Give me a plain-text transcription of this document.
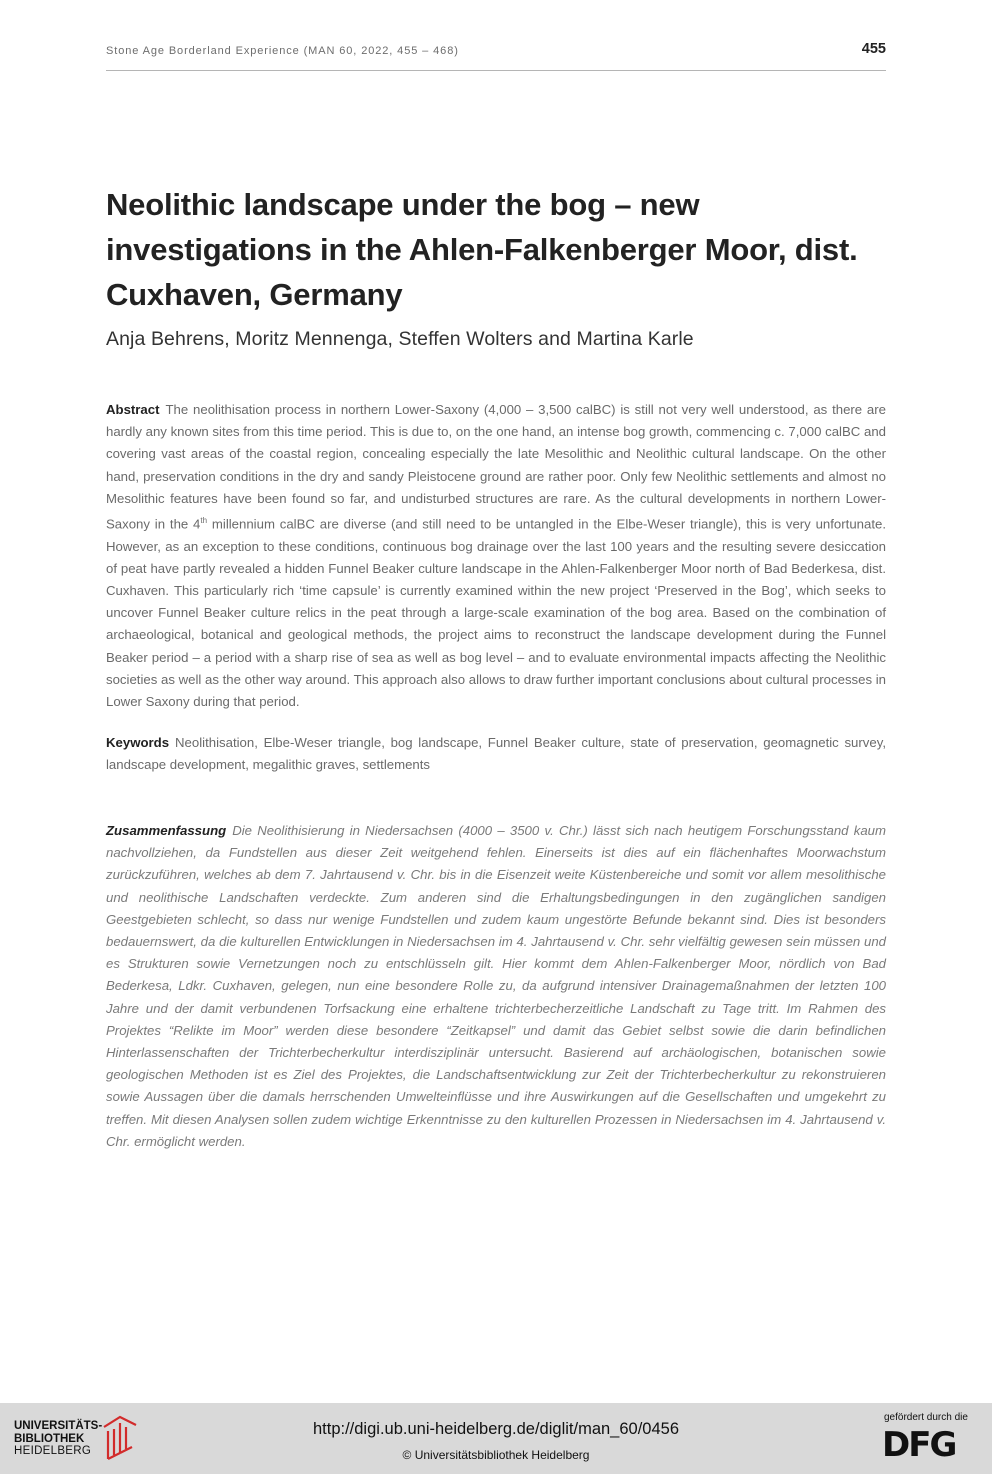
Stone Age Borderland Experience (MAN 60, 2022, 455 – 468)	455
Neolithic landscape under the bog – new investigations in the Ahlen-Falkenberger Moor, dist. Cuxhaven, Germany

Anja Behrens, Moritz Mennenga, Steffen Wolters and Martina Karle

Abstract The neolithisation process in northern Lower-Saxony (4,000 – 3,500 calBC) is still not very well understood, as there are hardly any known sites from this time period. This is due to, on the one hand, an intense bog growth, commencing c. 7,000 calBC and covering vast areas of the coastal region, concealing especially the late Mesolithic and Neolithic cultural landscape. On the other hand, preservation conditions in the dry and sandy Pleistocene ground are rather poor. Only few Neolithic settlements and almost no Mesolithic features have been found so far, and undisturbed structures are rare. As the cultural developments in northern Lower-Saxony in the 4th millennium calBC are diverse (and still need to be untangled in the Elbe-Weser triangle), this is very unfortunate. However, as an exception to these conditions, continuous bog drainage over the last 100 years and the resulting severe desiccation of peat have partly revealed a hidden Funnel Beaker culture landscape in the Ahlen-Falkenberger Moor north of Bad Bederkesa, dist. Cuxhaven. This particularly rich ‘time capsule’ is currently examined within the new project ‘Preserved in the Bog’, which seeks to uncover Funnel Beaker culture relics in the peat through a large-scale examination of the bog area. Based on the combination of archaeological, botanical and geological methods, the project aims to reconstruct the landscape development during the Funnel Beaker period – a period with a sharp rise of sea as well as bog level – and to evaluate environmental impacts affecting the Neolithic societies as well as the other way around. This approach also allows to draw further important conclusions about cultural processes in Lower Saxony during that period.

Keywords Neolithisation, Elbe-Weser triangle, bog landscape, Funnel Beaker culture, state of preservation, geomagnetic survey, landscape development, megalithic graves, settlements

Zusammenfassung Die Neolithisierung in Niedersachsen (4000 – 3500 v. Chr.) lässt sich nach heutigem Forschungsstand kaum nachvollziehen, da Fundstellen aus dieser Zeit weitgehend fehlen. Einerseits ist dies auf ein flächenhaftes Moorwachstum zurückzuführen, welches ab dem 7. Jahrtausend v. Chr. bis in die Eisenzeit weite Küstenbereiche und somit vor allem mesolithische und neolithische Landschaften verdeckte. Zum anderen sind die Erhaltungsbedingungen in den zugänglichen sandigen Geestgebieten schlecht, so dass nur wenige Fundstellen und zudem kaum ungestörte Befunde bekannt sind. Dies ist besonders bedauernswert, da die kulturellen Entwicklungen in Niedersachsen im 4. Jahrtausend v. Chr. sehr vielfältig gewesen sein müssen und es Strukturen sowie Vernetzungen noch zu entschlüsseln gilt. Hier kommt dem Ahlen-Falkenberger Moor, nördlich von Bad Bederkesa, Ldkr. Cuxhaven, gelegen, nun eine besondere Rolle zu, da aufgrund intensiver Drainagemaßnahmen der letzten 100 Jahre und der damit verbundenen Torfsackung eine erhaltene trichterbecherzeitliche Landschaft zu Tage tritt. Im Rahmen des Projektes “Relikte im Moor” werden diese besondere “Zeitkapsel” und damit das Gebiet selbst sowie die darin befindlichen Hinterlassenschaften der Trichterbecherkultur interdisziplinär untersucht. Basierend auf archäologischen, botanischen sowie geologischen Methoden ist es Ziel des Projektes, die Landschaftsentwicklung zur Zeit der Trichterbecherkultur zu rekonstruieren sowie Aussagen über die damals herrschenden Umwelteinflüsse und ihre Auswirkungen auf die Gesellschaften und umgekehrt zu treffen. Mit diesen Analysen sollen zudem wichtige Erkenntnisse zu den kulturellen Prozessen in Niedersachsen im 4. Jahrtausend v. Chr. ermöglicht werden.

UNIVERSITÄTS-
BIBLIOTHEK
HEIDELBERG
http://digi.ub.uni-heidelberg.de/diglit/man_60/0456
© Universitätsbibliothek Heidelberg
gefördert durch die
DFG
